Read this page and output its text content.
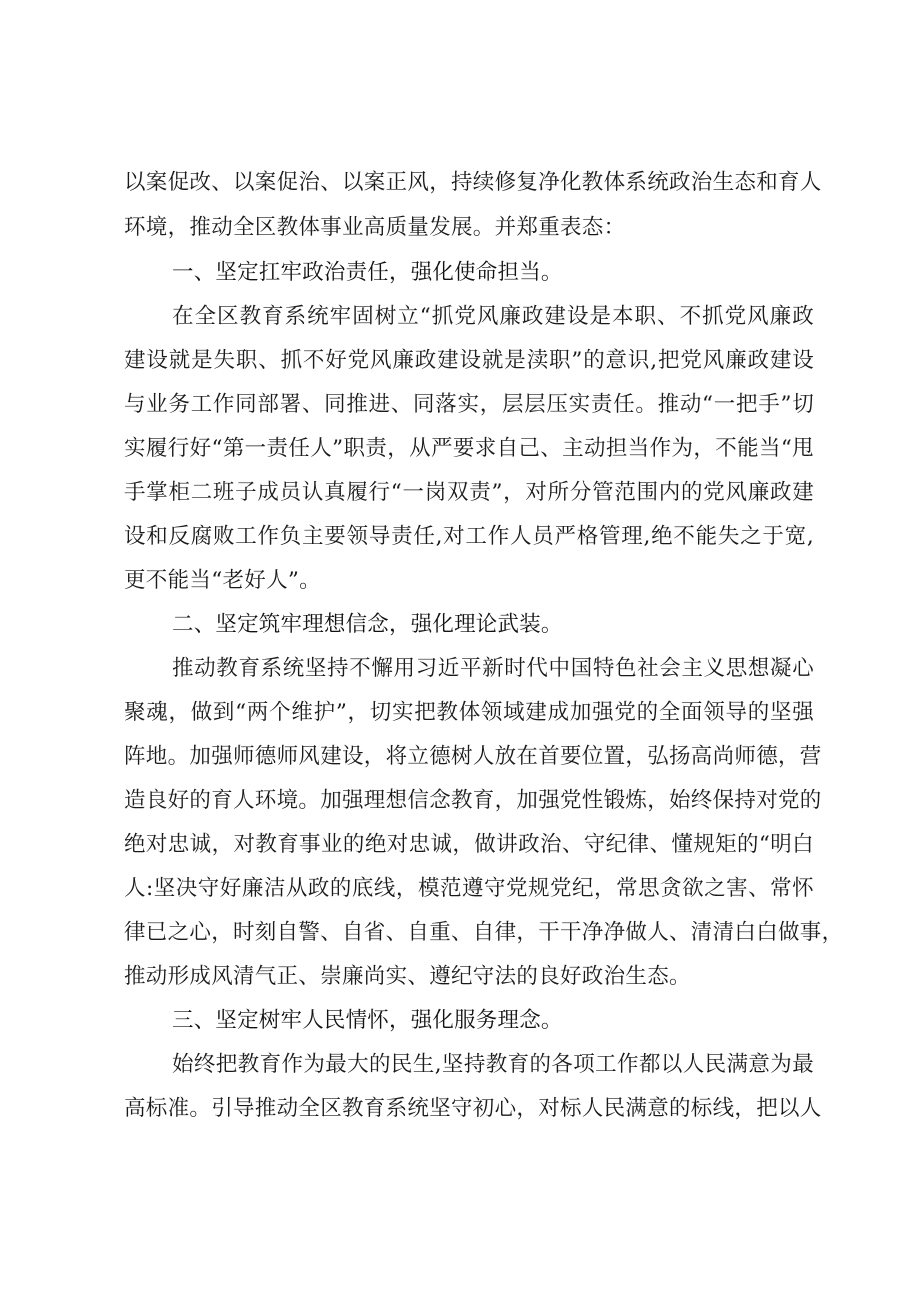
以案促改、以案促治、以案正风，持续修复净化教体系统政治生态和育人
环境，推动全区教体事业高质量发展。并郑重表态：
一、坚定扛牢政治责任，强化使命担当。
在全区教育系统牢固树立“抓党风廉政建设是本职、不抓党风廉政
建设就是失职、抓不好党风廉政建设就是渎职”的意识,把党风廉政建设
与业务工作同部署、同推进、同落实，层层压实责任。推动“一把手”切
实履行好“第一责任人”职责，从严要求自己、主动担当作为，不能当“甩
手掌柜二班子成员认真履行“一岗双责”，对所分管范围内的党风廉政建
设和反腐败工作负主要领导责任,对工作人员严格管理,绝不能失之于宽,
更不能当“老好人”。
二、坚定筑牢理想信念，强化理论武装。
推动教育系统坚持不懈用习近平新时代中国特色社会主义思想凝心
聚魂，做到“两个维护”，切实把教体领域建成加强党的全面领导的坚强
阵地。加强师德师风建设，将立德树人放在首要位置，弘扬高尚师德，营
造良好的育人环境。加强理想信念教育，加强党性锻炼，始终保持对党的
绝对忠诚，对教育事业的绝对忠诚，做讲政治、守纪律、懂规矩的“明白
人:坚决守好廉洁从政的底线，模范遵守党规党纪，常思贪欲之害、常怀
律已之心，时刻自警、自省、自重、自律，干干净净做人、清清白白做事，
推动形成风清气正、崇廉尚实、遵纪守法的良好政治生态。
三、坚定树牢人民情怀，强化服务理念。
始终把教育作为最大的民生,坚持教育的各项工作都以人民满意为最
高标准。引导推动全区教育系统坚守初心，对标人民满意的标线，把以人
